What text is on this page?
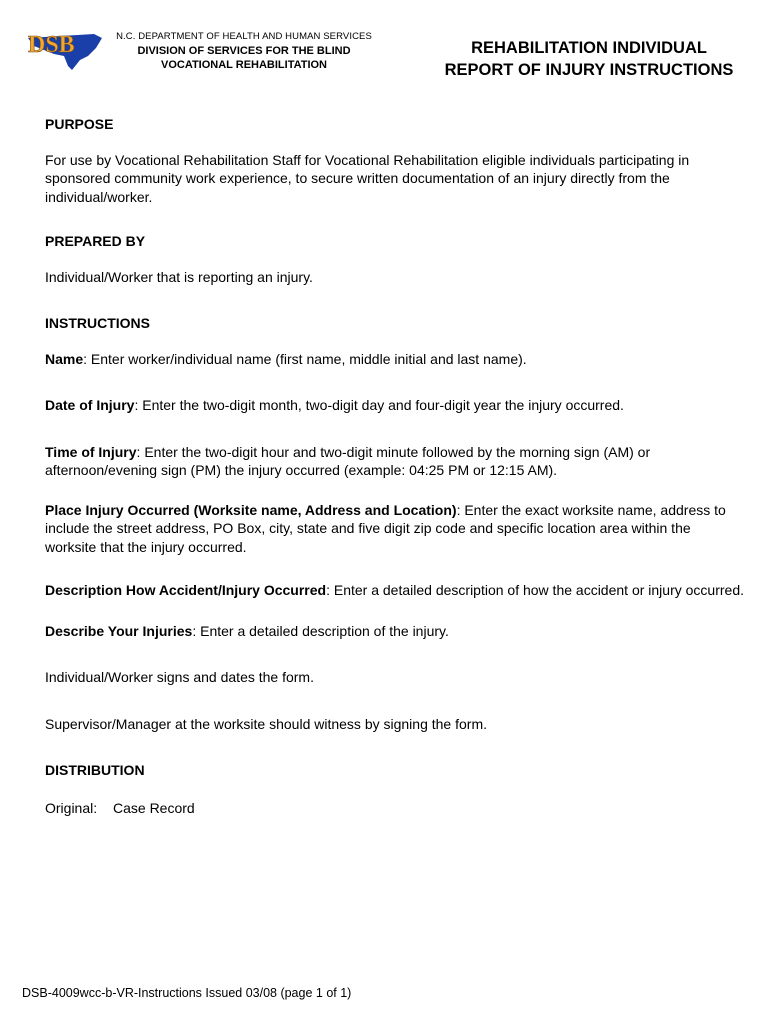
DSB	N.C. DEPARTMENT OF HEALTH AND HUMAN SERVICES
DIVISION OF SERVICES FOR THE BLIND
VOCATIONAL REHABILITATION
REHABILITATION INDIVIDUAL
REPORT OF INJURY INSTRUCTIONS

PURPOSE

For use by Vocational Rehabilitation Staff for Vocational Rehabilitation eligible individuals participating in sponsored community work experience, to secure written documentation of an injury directly from the individual/worker.

PREPARED BY

Individual/Worker that is reporting an injury.

INSTRUCTIONS

Name: Enter worker/individual name (first name, middle initial and last name).

Date of Injury: Enter the two-digit month, two-digit day and four-digit year the injury occurred.

Time of Injury: Enter the two-digit hour and two-digit minute followed by the morning sign (AM) or afternoon/evening sign (PM) the injury occurred (example: 04:25 PM or 12:15 AM).

Place Injury Occurred (Worksite name, Address and Location): Enter the exact worksite name, address to include the street address, PO Box, city, state and five digit zip code and specific location area within the worksite that the injury occurred.

Description How Accident/Injury Occurred: Enter a detailed description of how the accident or injury occurred.

Describe Your Injuries: Enter a detailed description of the injury.

Individual/Worker signs and dates the form.

Supervisor/Manager at the worksite should witness by signing the form.

DISTRIBUTION

Original: Case Record

DSB-4009wcc-b-VR-Instructions Issued 03/08 (page 1 of 1)
